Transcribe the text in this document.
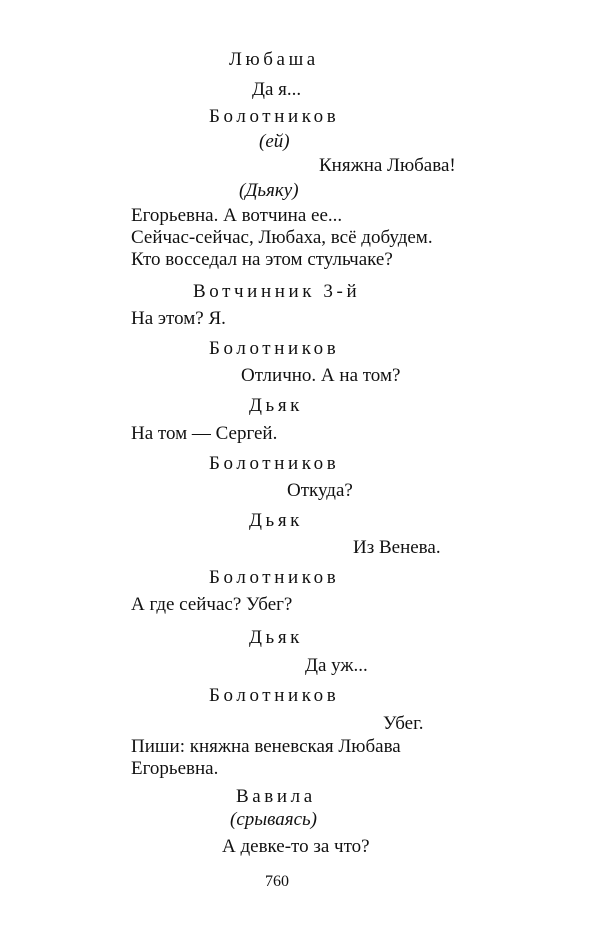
Любаша
Да я...
Болотников
(ей)
Княжна Любава!
(Дьяку)
Егорьевна. А вотчина ее...
Сейчас-сейчас, Любаха, всё добудем.
Кто восседал на этом стульчаке?
Вотчинник 3-й
На этом? Я.
Болотников
Отлично. А на том?
Дьяк
На том — Сергей.
Болотников
Откуда?
Дьяк
Из Венева.
Болотников
А где сейчас? Убег?
Дьяк
Да уж...
Болотников
Убег.
Пиши: княжна веневская Любава
Егорьевна.
Вавила
(срываясь)
А девке-то за что?
760
